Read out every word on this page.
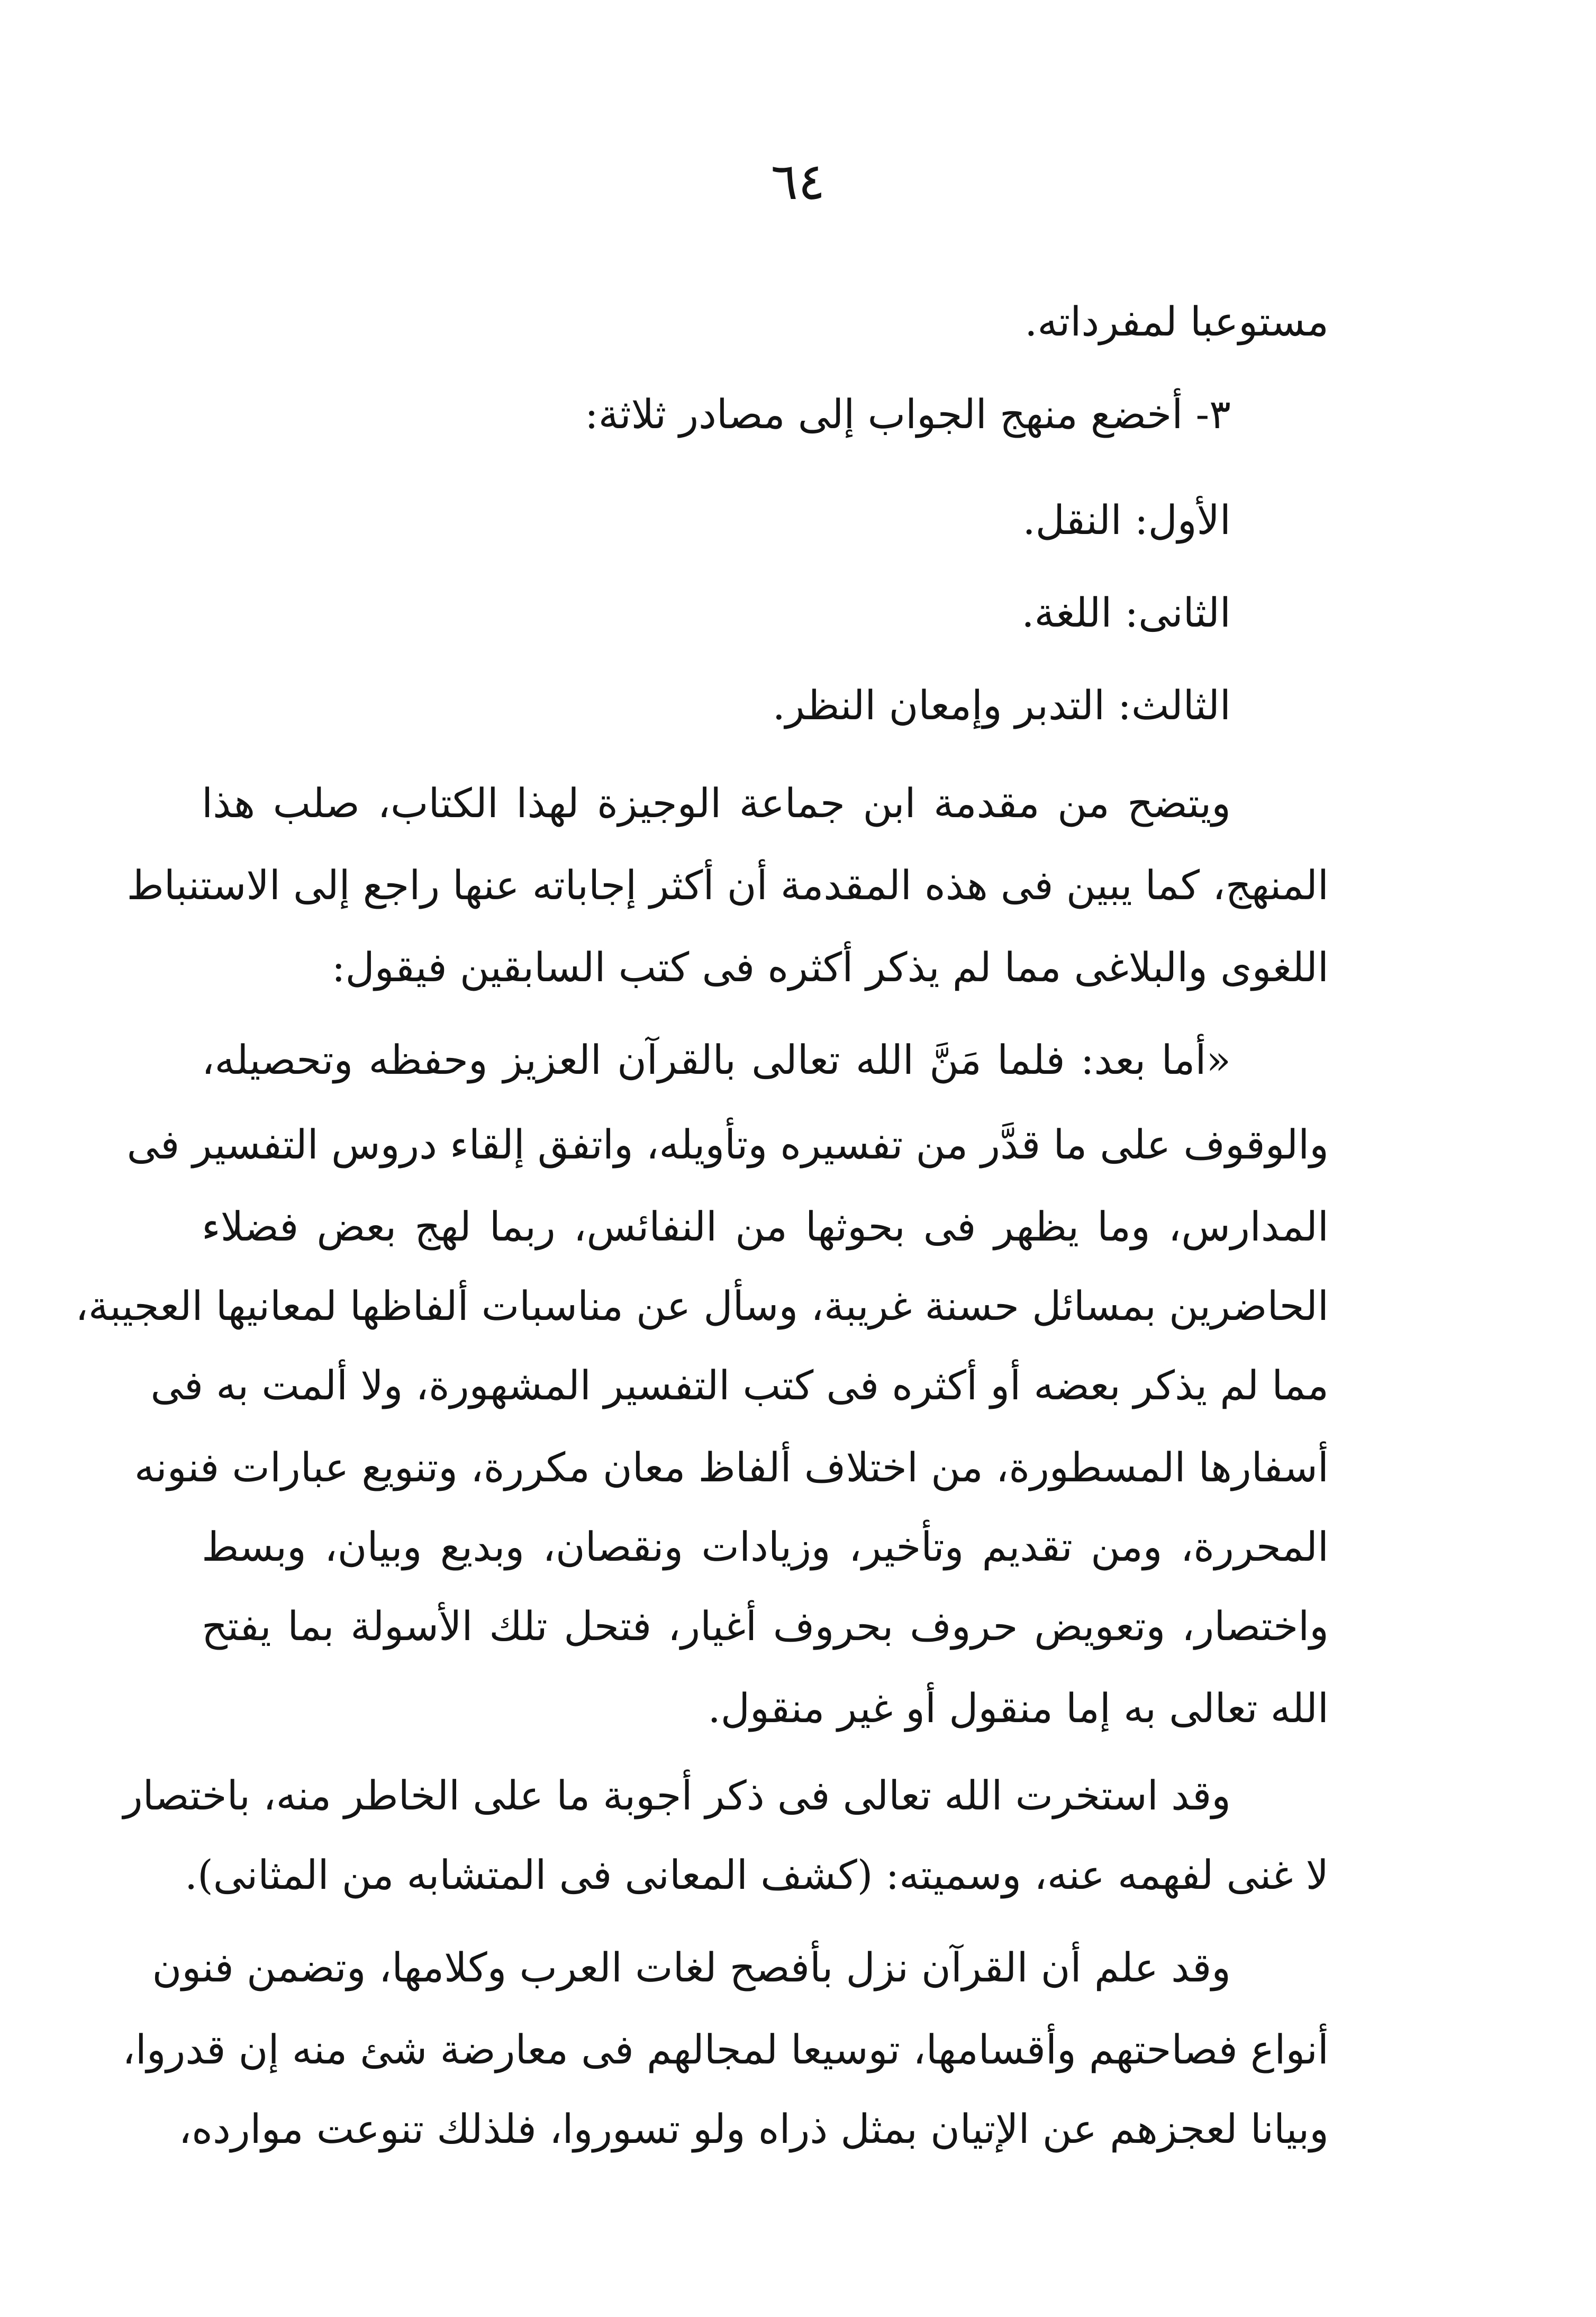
٦٤
مستوعبا لمفرداته.
٣- أخضع منهج الجواب إلى مصادر ثلاثة:
الأول: النقل.
الثانى: اللغة.
الثالث: التدبر وإمعان النظر.
ويتضح من مقدمة ابن جماعة الوجيزة لهذا الكتاب، صلب هذا
المنهج، كما يبين فى هذه المقدمة أن أكثر إجاباته عنها راجع إلى الاستنباط
اللغوى والبلاغى مما لم يذكر أكثره فى كتب السابقين فيقول:
«أما بعد: فلما مَنَّ الله تعالى بالقرآن العزيز وحفظه وتحصيله،
والوقوف على ما قدَّر من تفسيره وتأويله، واتفق إلقاء دروس التفسير فى
المدارس، وما يظهر فى بحوثها من النفائس، ربما لهج بعض فضلاء
الحاضرين بمسائل حسنة غريبة، وسأل عن مناسبات ألفاظها لمعانيها العجيبة،
مما لم يذكر بعضه أو أكثره فى كتب التفسير المشهورة، ولا ألمت به فى
أسفارها المسطورة، من اختلاف ألفاظ معان مكررة، وتنويع عبارات فنونه
المحررة، ومن تقديم وتأخير، وزيادات ونقصان، وبديع وبيان، وبسط
واختصار، وتعويض حروف بحروف أغيار، فتحل تلك الأسولة بما يفتح
الله تعالى به إما منقول أو غير منقول.
وقد استخرت الله تعالى فى ذكر أجوبة ما على الخاطر منه، باختصار
لا غنى لفهمه عنه، وسميته: (كشف المعانى فى المتشابه من المثانى).
وقد علم أن القرآن نزل بأفصح لغات العرب وكلامها، وتضمن فنون
أنواع فصاحتهم وأقسامها، توسيعا لمجالهم فى معارضة شئ منه إن قدروا،
وبيانا لعجزهم عن الإتيان بمثل ذراه ولو تسوروا، فلذلك تنوعت موارده،
